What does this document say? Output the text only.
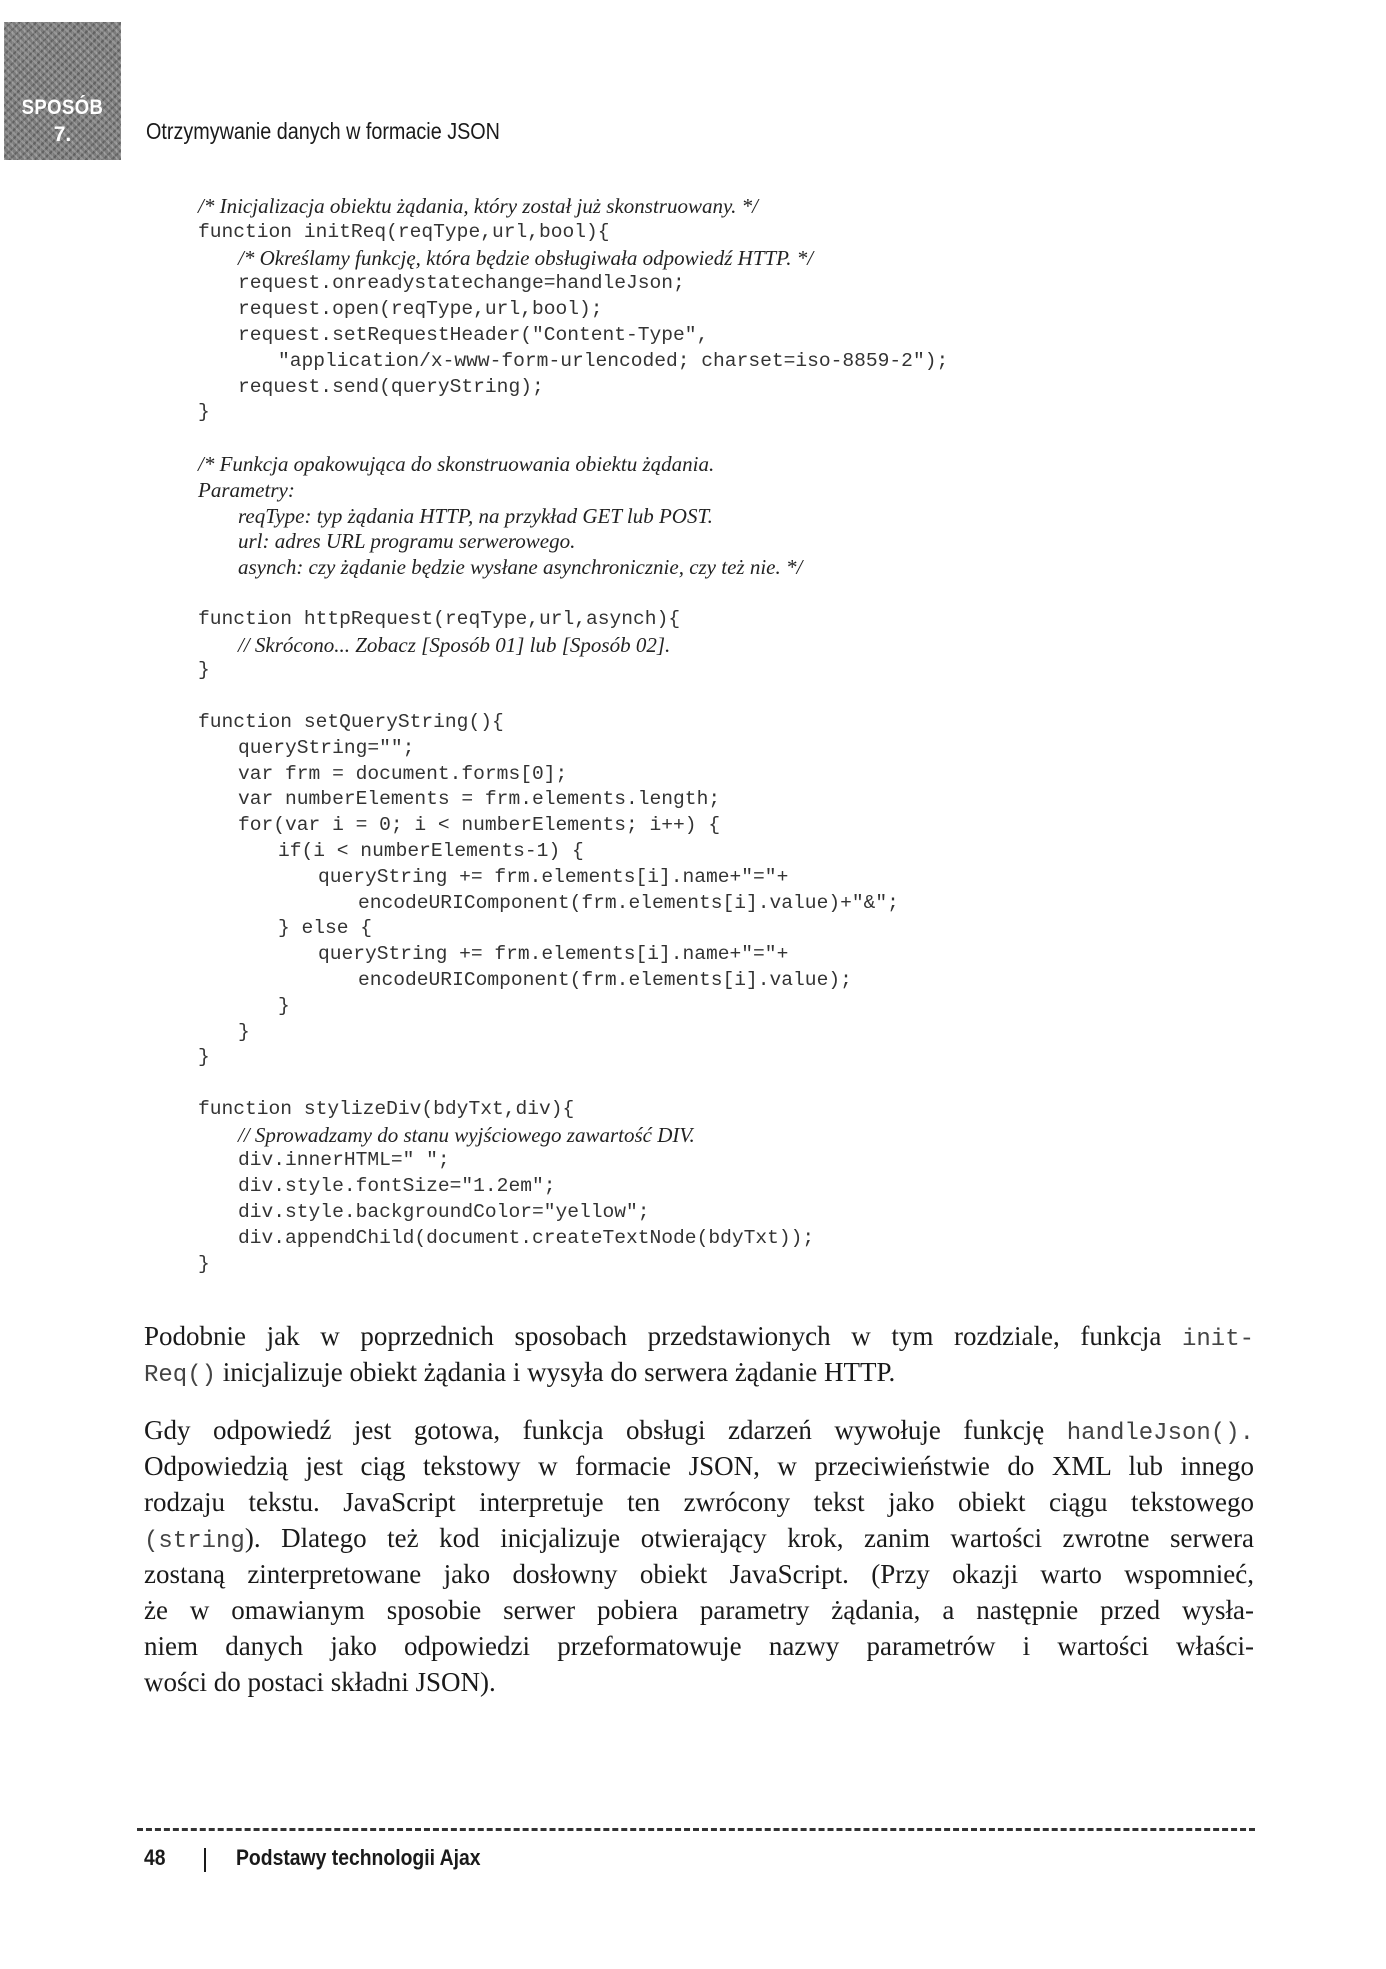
SPOSÓB
7.	Otrzymywanie danych w formacie JSON
/* Inicjalizacja obiektu żądania, który został już skonstruowany. */
function initReq(reqType,url,bool){
/* Określamy funkcję, która będzie obsługiwała odpowiedź HTTP. */
request.onreadystatechange=handleJson;
request.open(reqType,url,bool);
request.setRequestHeader("Content-Type",
"application/x-www-form-urlencoded; charset=iso-8859-2");
request.send(queryString);
}
/* Funkcja opakowująca do skonstruowania obiektu żądania.
Parametry:
reqType: typ żądania HTTP, na przykład GET lub POST.
url: adres URL programu serwerowego.
asynch: czy żądanie będzie wysłane asynchronicznie, czy też nie. */
function httpRequest(reqType,url,asynch){
// Skrócono... Zobacz [Sposób 01] lub [Sposób 02].
}
function setQueryString(){
queryString="";
var frm = document.forms[0];
var numberElements = frm.elements.length;
for(var i = 0; i < numberElements; i++) {
if(i < numberElements-1) {
queryString += frm.elements[i].name+"="+
encodeURIComponent(frm.elements[i].value)+"&";
} else {
queryString += frm.elements[i].name+"="+
encodeURIComponent(frm.elements[i].value);
}
}
}
function stylizeDiv(bdyTxt,div){
// Sprowadzamy do stanu wyjściowego zawartość DIV.
div.innerHTML=" ";
div.style.fontSize="1.2em";
div.style.backgroundColor="yellow";
div.appendChild(document.createTextNode(bdyTxt));
}
Podobnie jak w poprzednich sposobach przedstawionych w tym rozdziale, funkcja init-
Req() inicjalizuje obiekt żądania i wysyła do serwera żądanie HTTP.
Gdy odpowiedź jest gotowa, funkcja obsługi zdarzeń wywołuje funkcję handleJson().
Odpowiedzią jest ciąg tekstowy w formacie JSON, w przeciwieństwie do XML lub innego
rodzaju tekstu. JavaScript interpretuje ten zwrócony tekst jako obiekt ciągu tekstowego
(string). Dlatego też kod inicjalizuje otwierający krok, zanim wartości zwrotne serwera
zostaną zinterpretowane jako dosłowny obiekt JavaScript. (Przy okazji warto wspomnieć,
że w omawianym sposobie serwer pobiera parametry żądania, a następnie przed wysła-
niem danych jako odpowiedzi przeformatowuje nazwy parametrów i wartości właści-
wości do postaci składni JSON).
48	Podstawy technologii Ajax
